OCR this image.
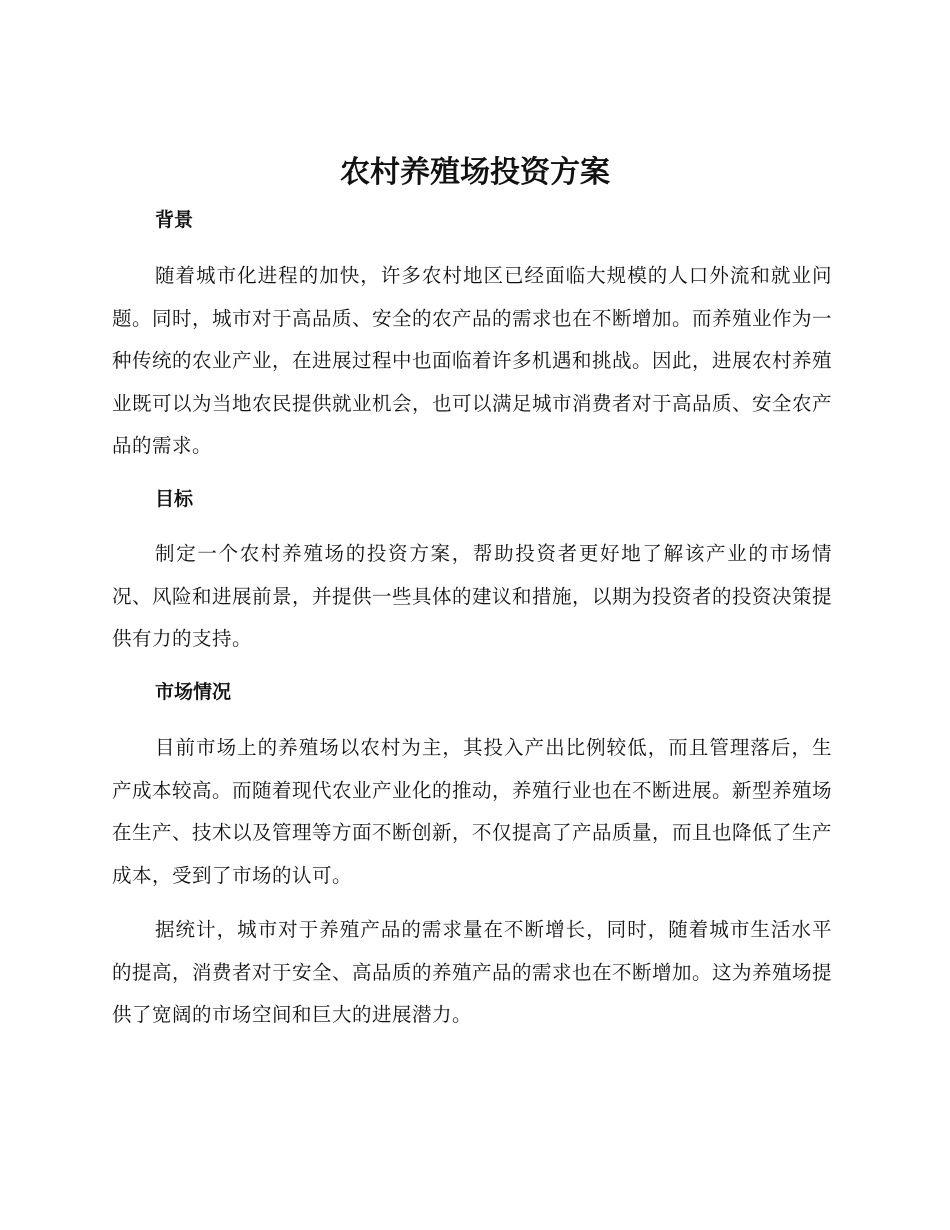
农村养殖场投资方案
背景

随着城市化进程的加快，许多农村地区已经面临大规模的人口外流和就业问题。同时，城市对于高品质、安全的农产品的需求也在不断增加。而养殖业作为一种传统的农业产业，在进展过程中也面临着许多机遇和挑战。因此，进展农村养殖业既可以为当地农民提供就业机会，也可以满足城市消费者对于高品质、安全农产品的需求。

目标

制定一个农村养殖场的投资方案，帮助投资者更好地了解该产业的市场情况、风险和进展前景，并提供一些具体的建议和措施，以期为投资者的投资决策提供有力的支持。

市场情况

目前市场上的养殖场以农村为主，其投入产出比例较低，而且管理落后，生产成本较高。而随着现代农业产业化的推动，养殖行业也在不断进展。新型养殖场在生产、技术以及管理等方面不断创新，不仅提高了产品质量，而且也降低了生产成本，受到了市场的认可。

据统计，城市对于养殖产品的需求量在不断增长，同时，随着城市生活水平的提高，消费者对于安全、高品质的养殖产品的需求也在不断增加。这为养殖场提供了宽阔的市场空间和巨大的进展潜力。
